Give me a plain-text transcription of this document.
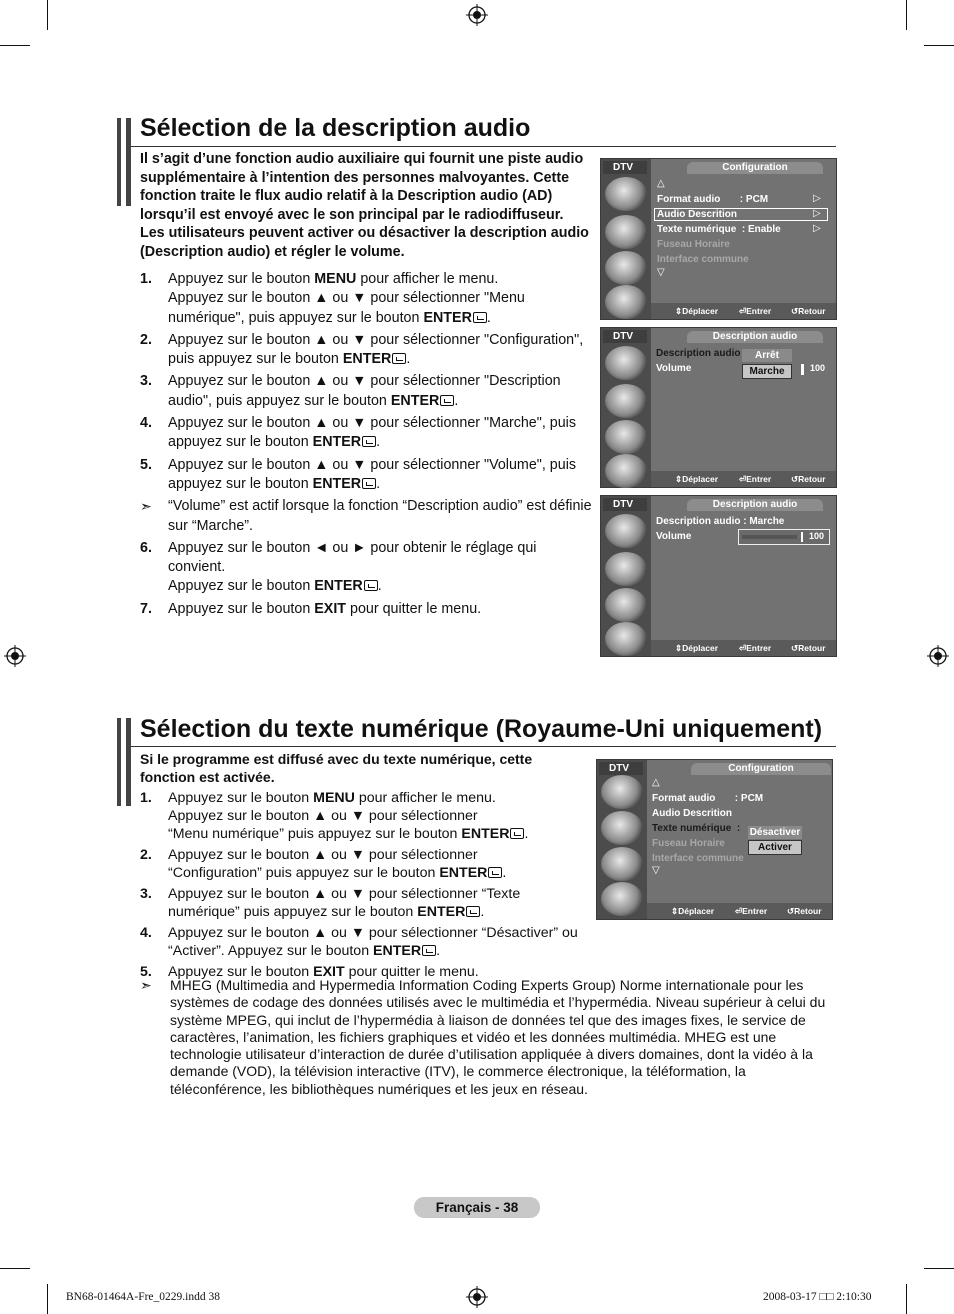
Sélection de la description audio
Il s’agit d’une fonction audio auxiliaire qui fournit une piste audio supplémentaire à l’intention des personnes malvoyantes. Cette fonction traite le flux audio relatif à la Description audio (AD) lorsqu’il est envoyé avec le son principal par le radiodiffuseur. Les utilisateurs peuvent activer ou désactiver la description audio (Description audio) et régler le volume.
1. Appuyez sur le bouton MENU pour afficher le menu.
Appuyez sur le bouton ▲ ou ▼ pour sélectionner "Menu numérique", puis appuyez sur le bouton ENTER .
2. Appuyez sur le bouton ▲ ou ▼ pour sélectionner "Configuration", puis appuyez sur le bouton ENTER .
3. Appuyez sur le bouton ▲ ou ▼ pour sélectionner "Description audio", puis appuyez sur le bouton ENTER .
4. Appuyez sur le bouton ▲ ou ▼ pour sélectionner "Marche", puis appuyez sur le bouton ENTER .
5. Appuyez sur le bouton ▲ ou ▼ pour sélectionner "Volume", puis appuyez sur le bouton ENTER .
➣ “Volume” est actif lorsque la fonction “Description audio” est définie sur “Marche”.
6. Appuyez sur le bouton ◄ ou ► pour obtenir le réglage qui convient.
Appuyez sur le bouton ENTER .
7. Appuyez sur le bouton EXIT pour quitter le menu.
DTV	Configuration
△
Format audio : PCM	▷
Audio Descrition	▷
Texte numérique : Enable	▷
Fuseau Horaire
Interface commune
▽
⇕ Déplacer ⏎ Entrer ↺ Retour
DTV	Description audio
Description audio	Arrêt
Volume	Marche	100
⇕ Déplacer ⏎ Entrer ↺ Retour
DTV	Description audio
Description audio : Marche
Volume	100
⇕ Déplacer ⏎ Entrer ↺ Retour
Sélection du texte numérique (Royaume-Uni uniquement)
Si le programme est diffusé avec du texte numérique, cette fonction est activée.
1. Appuyez sur le bouton MENU pour afficher le menu.
Appuyez sur le bouton ▲ ou ▼ pour sélectionner
“Menu numérique” puis appuyez sur le bouton ENTER .
2. Appuyez sur le bouton ▲ ou ▼ pour sélectionner
“Configuration” puis appuyez sur le bouton ENTER .
3. Appuyez sur le bouton ▲ ou ▼ pour sélectionner “Texte numérique” puis appuyez sur le bouton ENTER .
4. Appuyez sur le bouton ▲ ou ▼ pour sélectionner “Désactiver” ou “Activer”. Appuyez sur le bouton ENTER .
5. Appuyez sur le bouton EXIT pour quitter le menu.
➣	MHEG (Multimedia and Hypermedia Information Coding Experts Group) Norme internationale pour les systèmes de codage des données utilisés avec le multimédia et l’hypermédia. Niveau supérieur à celui du système MPEG, qui inclut de l’hypermédia à liaison de données tel que des images fixes, le service de caractères, l’animation, les fichiers graphiques et vidéo et les données multimédia. MHEG est une technologie utilisateur d’interaction de durée d’utilisation appliquée à divers domaines, dont la vidéo à la demande (VOD), la télévision interactive (ITV), le commerce électronique, la téléformation, la téléconférence, les bibliothèques numériques et les jeux en réseau.
DTV	Configuration
△
Format audio : PCM
Audio Descrition
Texte numérique : Désactiver
Activer
Fuseau Horaire
Interface commune
▽
⇕ Déplacer ⏎ Entrer ↺ Retour
Français - 38
BN68-01464A-Fre_0229.indd 38	2008-03-17 □□ 2:10:30
